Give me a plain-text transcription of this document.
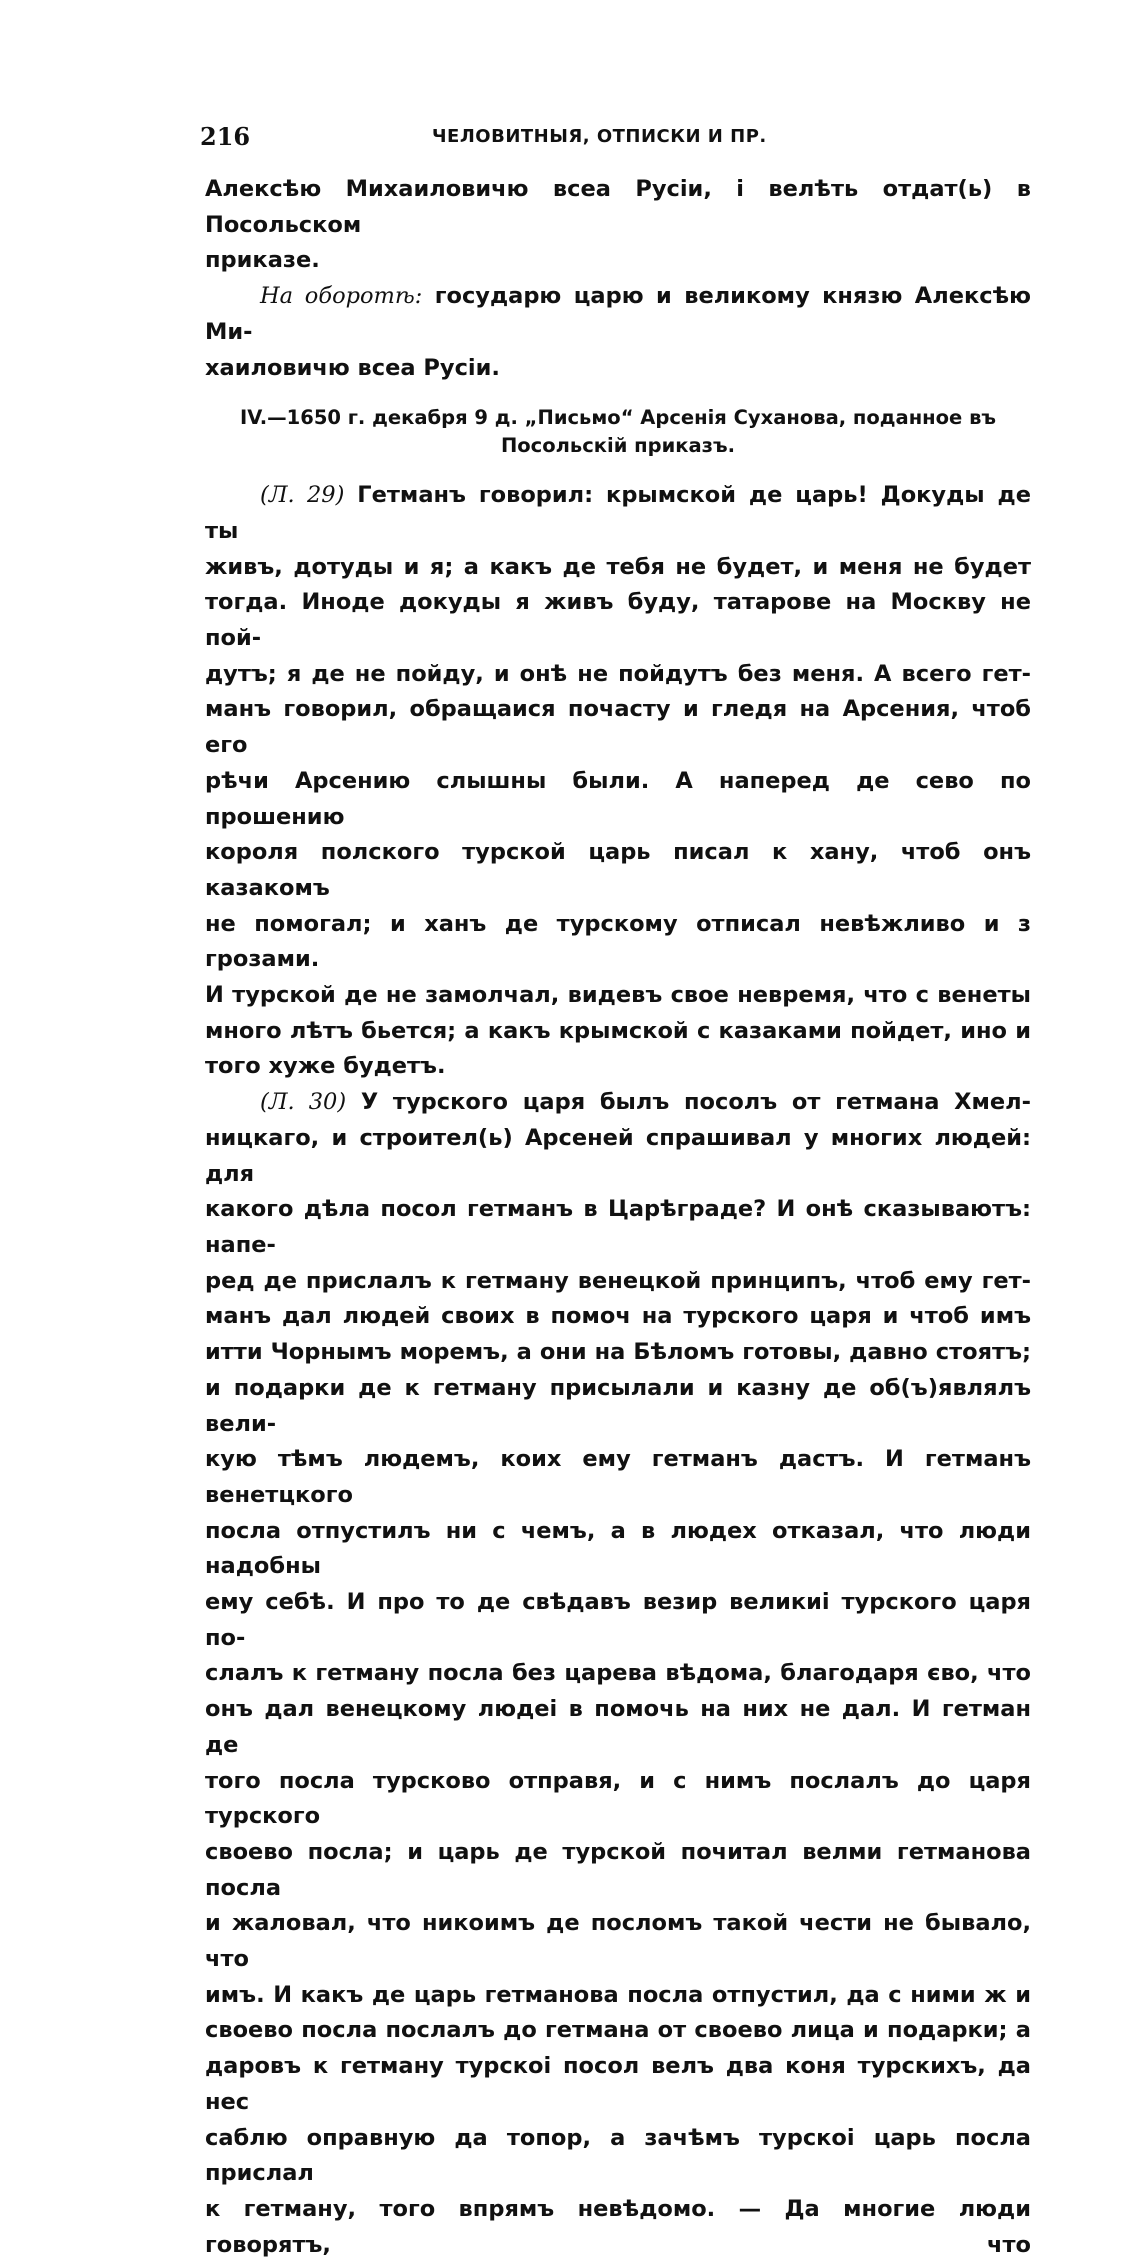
216	ЧЕЛОВИТНЫЯ, ОТПИСКИ И ПР.

Алексѣю Михаиловичю всеа Русіи, і велѣть отдат(ь) в Посольском
приказе.

На оборотѣ: государю царю и великому князю Алексѣю Ми-
хаиловичю всеа Русіи.

IV.—1650 г. декабря 9 д. „Письмо“ Арсенія Суханова, поданное въ
Посольскій приказъ.

(Л. 29) Гетманъ говорил: крымской де царь! Докуды де ты
живъ, дотуды и я; а какъ де тебя не будет, и меня не будет
тогда. Иноде докуды я живъ буду, татарове на Москву не пой-
дутъ; я де не пойду, и онѣ не пойдутъ без меня. А всего гет-
манъ говорил, обращаися почасту и гледя на Арсения, чтоб его
рѣчи Арсению слышны были. А наперед де сево по прошению
короля полского турской царь писал к хану, чтоб онъ казакомъ
не помогал; и ханъ де турскому отписал невѣжливо и з грозами.
И турской де не замолчал, видевъ свое невремя, что с венеты
много лѣтъ бьется; а какъ крымской с казаками пойдет, ино и
того хуже будетъ.

(Л. 30) У турского царя былъ посолъ от гетмана Хмел-
ницкаго, и строител(ь) Арсеней спрашивал у многих людей: для
какого дѣла посол гетманъ в Царѣграде? И онѣ сказываютъ: напе-
ред де прислалъ к гетману венецкой принципъ, чтоб ему гет-
манъ дал людей своих в помоч на турского царя и чтоб имъ
итти Чорнымъ моремъ, а они на Бѣломъ готовы, давно стоятъ;
и подарки де к гетману присылали и казну де об(ъ)являлъ вели-
кую тѣмъ людемъ, коих ему гетманъ дастъ. И гетманъ венетцкого
посла отпустилъ ни с чемъ, а в людех отказал, что люди надобны
ему себѣ. И про то де свѣдавъ везир великиі турского царя по-
слалъ к гетману посла без царева вѣдома, благодаря єво, что
онъ дал венецкому людеі в помочь на них не дал. И гетман де
того посла турсково отправя, и с нимъ послалъ до царя турского
своево посла; и царь де турской почитал велми гетманова посла
и жаловал, что никоимъ де посломъ такой чести не бывало, что
имъ. И какъ де царь гетманова посла отпустил, да с ними ж и
своево посла послалъ до гетмана от своево лица и подарки; а
даровъ к гетману турскоі посол велъ два коня турскихъ, да нес
саблю оправную да топор, а зачѣмъ турскоі царь посла прислал
к гетману, того впрямъ невѣдомо. — Да многие люди говорятъ, что
